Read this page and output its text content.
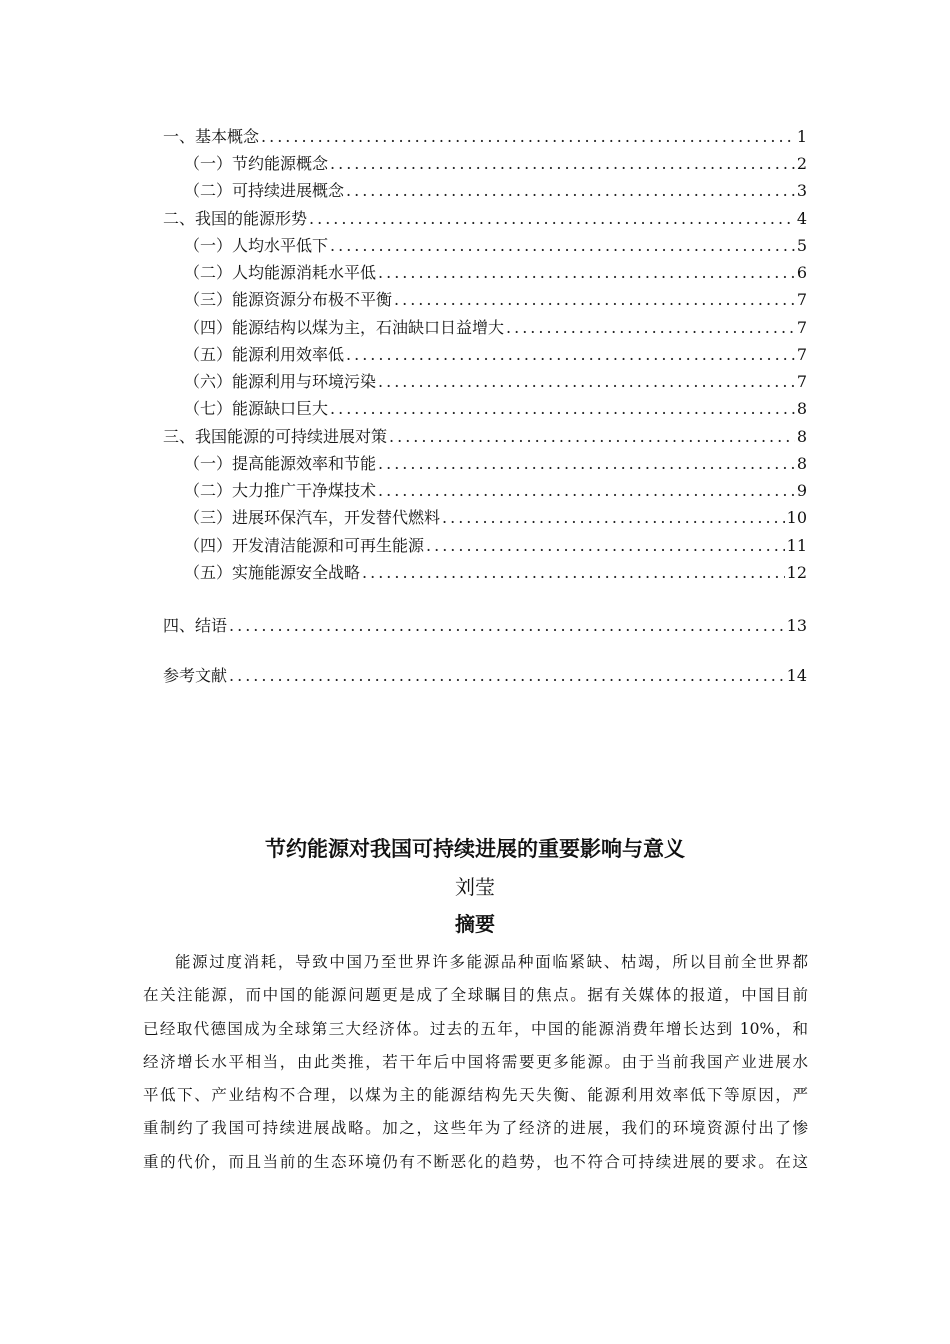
一、基本概念 .....	1
（一）节约能源概念 .....	2
（二）可持续进展概念 .....	3
二、我国的能源形势 .....	4
（一）人均水平低下 .....	5
（二）人均能源消耗水平低 .....	6
（三）能源资源分布极不平衡 .....	7
（四）能源结构以煤为主，石油缺口日益增大 .....	7
（五）能源利用效率低 .....	7
（六）能源利用与环境污染 .....	7
（七）能源缺口巨大 .....	8
三、我国能源的可持续进展对策 .....	8
（一）提高能源效率和节能 .....	8
（二）大力推广干净煤技术 .....	9
（三）进展环保汽车，开发替代燃料 .....	10
（四）开发清洁能源和可再生能源 .....	11
（五）实施能源安全战略 .....	12
四、结语 .....	13
参考文献 .....	14
节约能源对我国可持续进展的重要影响与意义
刘莹
摘要
能源过度消耗，导致中国乃至世界许多能源品种面临紧缺、枯竭，所以目前全世界都
在关注能源，而中国的能源问题更是成了全球瞩目的焦点。据有关媒体的报道，中国目前
已经取代德国成为全球第三大经济体。过去的五年，中国的能源消费年增长达到 10%，和
经济增长水平相当，由此类推，若干年后中国将需要更多能源。由于当前我国产业进展水
平低下、产业结构不合理，以煤为主的能源结构先天失衡、能源利用效率低下等原因，严
重制约了我国可持续进展战略。加之，这些年为了经济的进展，我们的环境资源付出了惨
重的代价，而且当前的生态环境仍有不断恶化的趋势，也不符合可持续进展的要求。在这
